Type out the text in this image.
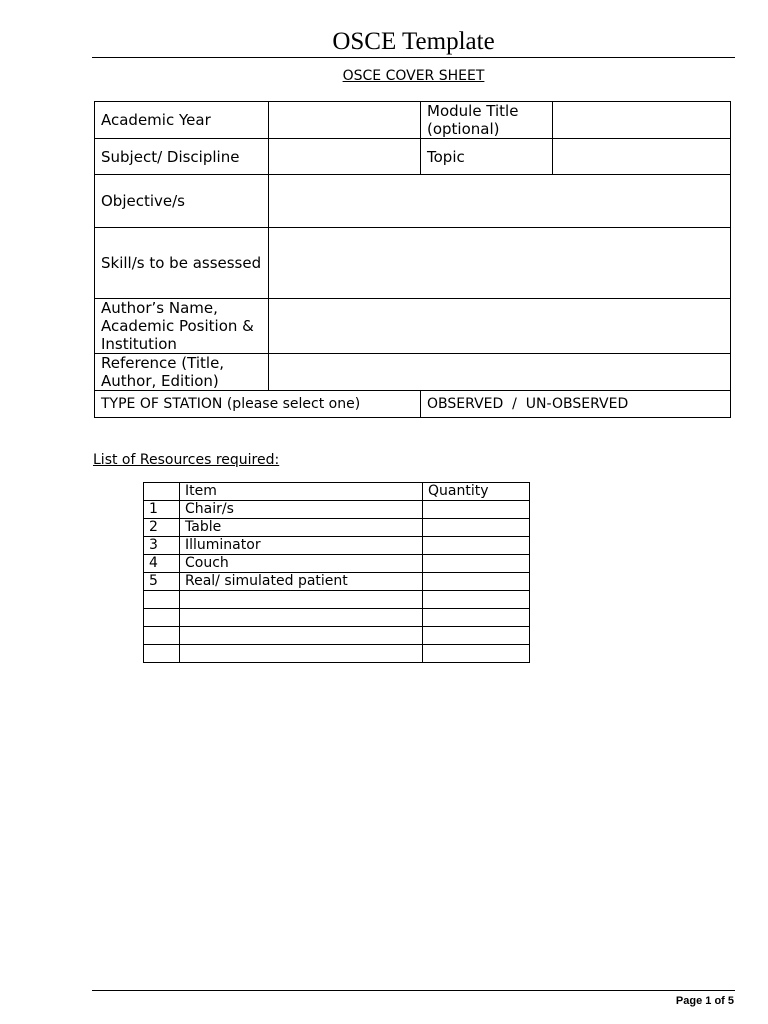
OSCE Template
OSCE COVER SHEET
Academic Year		Module Title (optional)	
Subject/ Discipline		Topic	
Objective/s			
Skill/s to be assessed			
Author’s Name, Academic Position & Institution			
Reference (Title, Author, Edition)			
TYPE OF STATION (please select one)		OBSERVED  /  UN-OBSERVED	
List of Resources required:
	Item	Quantity
1	Chair/s	
2	Table	
3	Illuminator	
4	Couch	
5	Real/ simulated patient	

Page 1 of 5
